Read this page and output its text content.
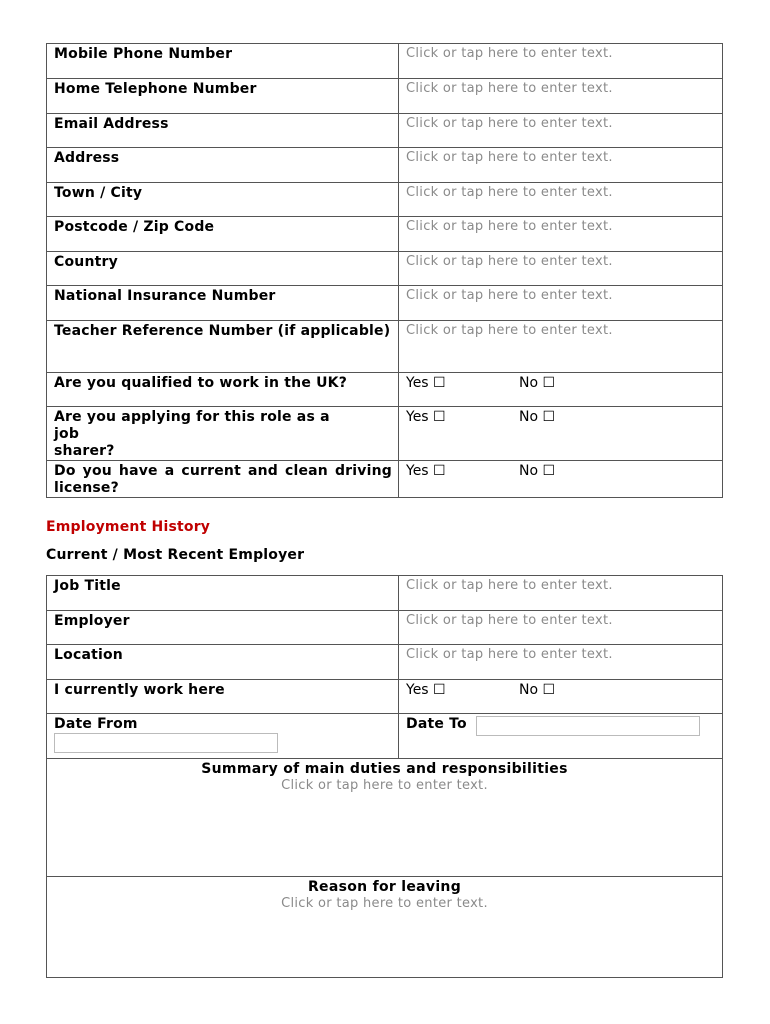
Mobile Phone Number	Click or tap here to enter text.
Home Telephone Number	Click or tap here to enter text.
Email Address	Click or tap here to enter text.
Address	Click or tap here to enter text.
Town / City	Click or tap here to enter text.
Postcode / Zip Code	Click or tap here to enter text.
Country	Click or tap here to enter text.
National Insurance Number	Click or tap here to enter text.
Teacher Reference Number (if applicable)	Click or tap here to enter text.
Are you qualified to work in the UK?	Yes ☐ No ☐

Are you applying for this role as a job
sharer?	Yes ☐ No ☐
Do you have a current and clean driving license?	Yes ☐ No ☐
Employment History
Current / Most Recent Employer
Job Title	Click or tap here to enter text.
Employer	Click or tap here to enter text.
Location	Click or tap here to enter text.
I currently work here	Yes ☐ No ☐

Date From	Date To

Summary of main duties and responsibilities
Click or tap here to enter text.	

Reason for leaving
Click or tap here to enter text.	
